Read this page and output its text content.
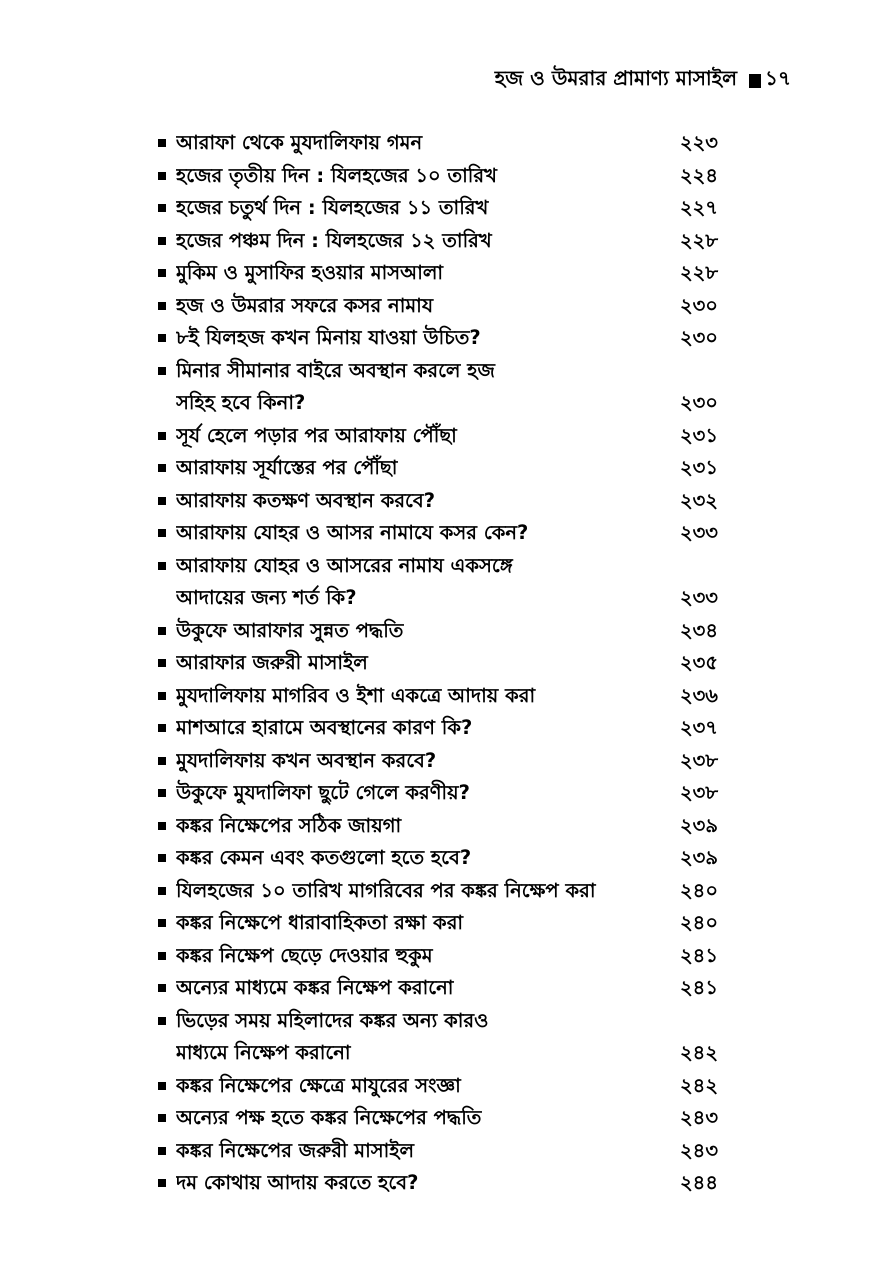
হজ ও উমরার প্রামাণ্য মাসাইল ১৭
আরাফা থেকে মুযদালিফায় গমন	২২৩
হজের তৃতীয় দিন : যিলহজের ১০ তারিখ	২২৪
হজের চতুর্থ দিন : যিলহজের ১১ তারিখ	২২৭
হজের পঞ্চম দিন : যিলহজের ১২ তারিখ	২২৮
মুকিম ও মুসাফির হওয়ার মাসআলা	২২৮
হজ ও উমরার সফরে কসর নামায	২৩০
৮ই যিলহজ কখন মিনায় যাওয়া উচিত?	২৩০
মিনার সীমানার বাইরে অবস্থান করলে হজ
সহিহ হবে কিনা?	২৩০
সূর্য হেলে পড়ার পর আরাফায় পৌঁছা	২৩১
আরাফায় সূর্যাস্তের পর পৌঁছা	২৩১
আরাফায় কতক্ষণ অবস্থান করবে?	২৩২
আরাফায় যোহর ও আসর নামাযে কসর কেন?	২৩৩
আরাফায় যোহর ও আসরের নামায একসঙ্গে
আদায়ের জন্য শর্ত কি?	২৩৩
উকুফে আরাফার সুন্নত পদ্ধতি	২৩৪
আরাফার জরুরী মাসাইল	২৩৫
মুযদালিফায় মাগরিব ও ইশা একত্রে আদায় করা	২৩৬
মাশআরে হারামে অবস্থানের কারণ কি?	২৩৭
মুযদালিফায় কখন অবস্থান করবে?	২৩৮
উকুফে মুযদালিফা ছুটে গেলে করণীয়?	২৩৮
কঙ্কর নিক্ষেপের সঠিক জায়গা	২৩৯
কঙ্কর কেমন এবং কতগুলো হতে হবে?	২৩৯
যিলহজের ১০ তারিখ মাগরিবের পর কঙ্কর নিক্ষেপ করা	২৪০
কঙ্কর নিক্ষেপে ধারাবাহিকতা রক্ষা করা	২৪০
কঙ্কর নিক্ষেপ ছেড়ে দেওয়ার হুকুম	২৪১
অন্যের মাধ্যমে কঙ্কর নিক্ষেপ করানো	২৪১
ভিড়ের সময় মহিলাদের কঙ্কর অন্য কারও
মাধ্যমে নিক্ষেপ করানো	২৪২
কঙ্কর নিক্ষেপের ক্ষেত্রে মাযুরের সংজ্ঞা	২৪২
অন্যের পক্ষ হতে কঙ্কর নিক্ষেপের পদ্ধতি	২৪৩
কঙ্কর নিক্ষেপের জরুরী মাসাইল	২৪৩
দম কোথায় আদায় করতে হবে?	২৪৪
